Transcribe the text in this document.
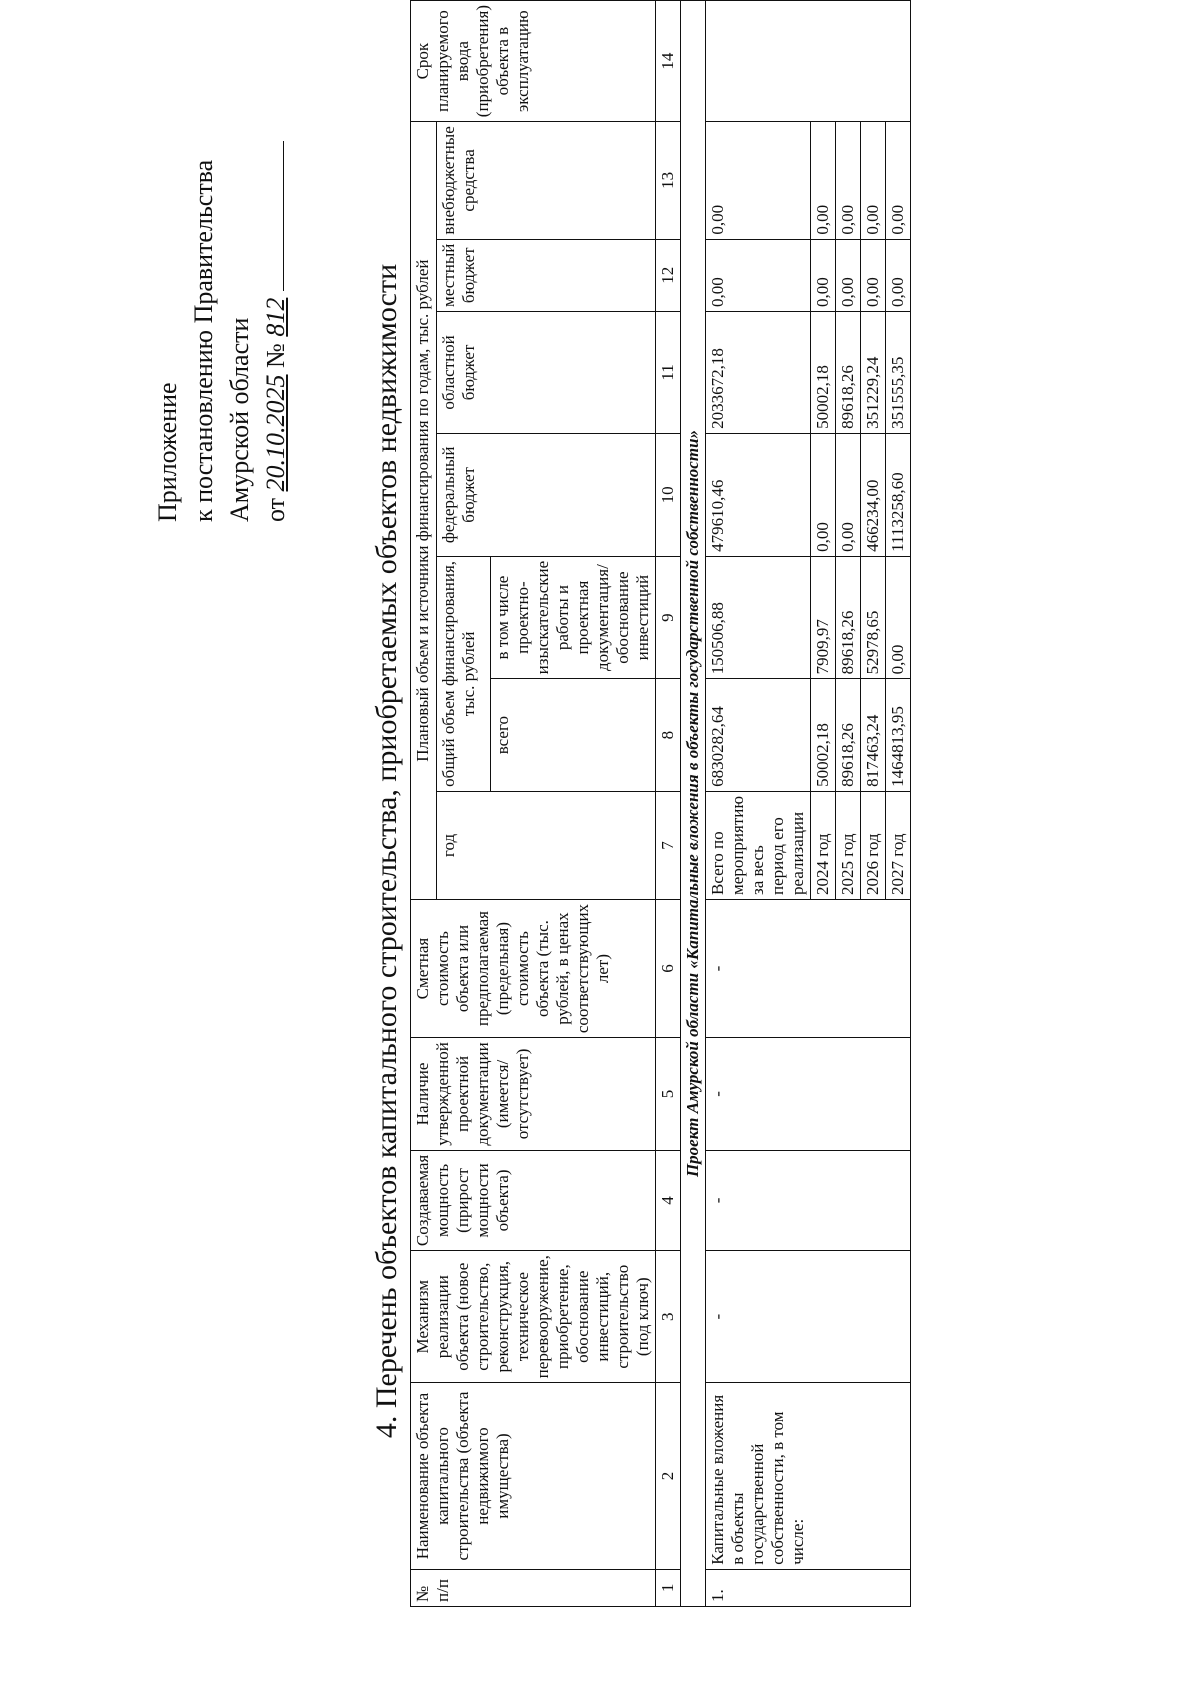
Приложение к постановлению Правительства Амурской области от 20.10.2025 № 812	4. Перечень объектов капитального строительства, приобретаемых объектов недвижимости
№ п/п	Наименование объекта капитального строительства (объекта недвижимого имущества)	Механизм реализации объекта (новое строительство, реконструкция, техническое перевооружение, приобретение, обоснование инвестиций, строительство (под ключ)	Создаваемая мощность (прирост мощности объекта)	Наличие утвержденной проектной документации (имеется/отсутствует)	Сметная стоимость объекта или предполагаемая (предельная) стоимость объекта (тыс. рублей, в ценах соответствующих лет)	Плановый объем и источники финансирования по годам, тыс. рублей							Срок планируемого ввода (приобретения) объекта в эксплуатацию
						год	общий объем финансирования, тыс. рублей		федеральный бюджет	областной бюджет	местный бюджет	внебюджетные средства	
							всего	в том числе проектно-изыскательские работы и проектная документация/обоснование инвестиций					
1	2	3	4	5	6	7	8	9	10	11	12	13	14
Проект Амурской области «Капитальные вложения в объекты государственной собственности»													
1.	Капитальные вложения в объекты государственной собственности, в том числе:	-	-	-	-	Всего по мероприятию за весь период его реализации	6830282,64	150506,88	479610,46	2033672,18	0,00	0,00	
						2024 год	50002,18	7909,97	0,00	50002,18	0,00	0,00	
						2025 год	89618,26	89618,26	0,00	89618,26	0,00	0,00	
						2026 год	817463,24	52978,65	466234,00	351229,24	0,00	0,00	
						2027 год	1464813,95	0,00	1113258,60	351555,35	0,00	0,00	
